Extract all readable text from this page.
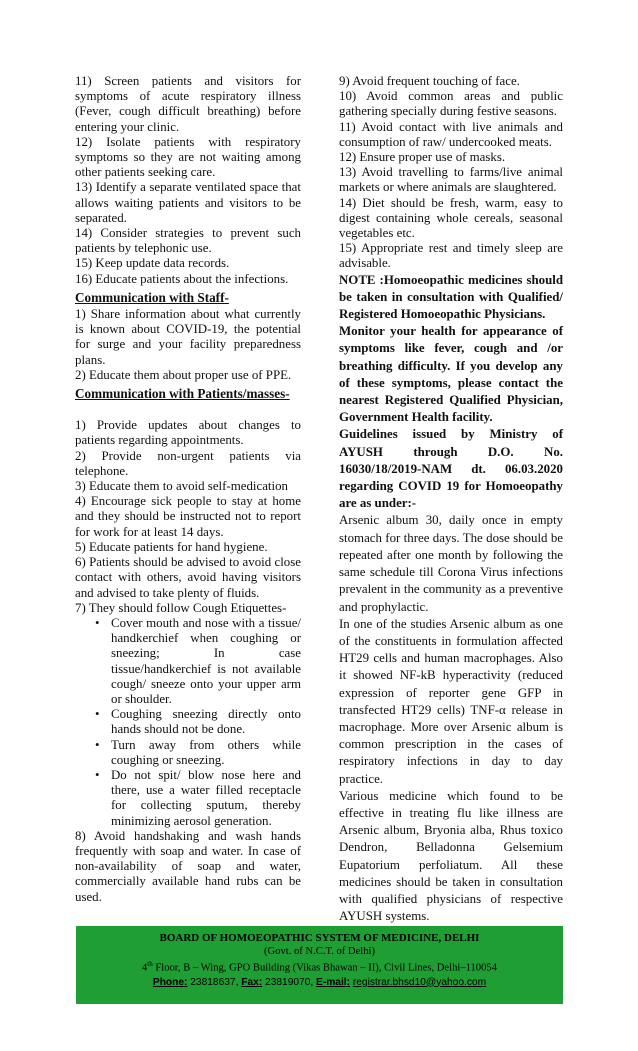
11) Screen patients and visitors for symptoms of acute respiratory illness (Fever, cough difficult breathing) before entering your clinic.

12) Isolate patients with respiratory symptoms so they are not waiting among other patients seeking care.

13) Identify a separate ventilated space that allows waiting patients and visitors to be separated.

14) Consider strategies to prevent such patients by telephonic use.

15) Keep update data records.

16) Educate patients about the infections.

Communication with Staff-

1) Share information about what currently is known about COVID-19, the potential for surge and your facility preparedness plans.

2) Educate them about proper use of PPE.

Communication with Patients/masses-

1) Provide updates about changes to patients regarding appointments.

2) Provide non-urgent patients via telephone.

3) Educate them to avoid self-medication

4) Encourage sick people to stay at home and they should be instructed not to report for work for at least 14 days.

5) Educate patients for hand hygiene.

6) Patients should be advised to avoid close contact with others, avoid having visitors and advised to take plenty of fluids.

7) They should follow Cough Etiquettes-

• Cover mouth and nose with a tissue/ handkerchief when coughing or sneezing; In case tissue/handkerchief is not available cough/ sneeze onto your upper arm or shoulder.
• Coughing sneezing directly onto hands should not be done.
• Turn away from others while coughing or sneezing.
• Do not spit/ blow nose here and there, use a water filled receptacle for collecting sputum, thereby minimizing aerosol generation.

8) Avoid handshaking and wash hands frequently with soap and water. In case of non-availability of soap and water, commercially available hand rubs can be used.

9) Avoid frequent touching of face.

10) Avoid common areas and public gathering specially during festive seasons.

11) Avoid contact with live animals and consumption of raw/ undercooked meats.

12) Ensure proper use of masks.

13) Avoid travelling to farms/live animal markets or where animals are slaughtered.

14) Diet should be fresh, warm, easy to digest containing whole cereals, seasonal vegetables etc.

15) Appropriate rest and timely sleep are advisable.

NOTE :Homoeopathic medicines should be taken in consultation with Qualified/ Registered Homoeopathic Physicians.

Monitor your health for appearance of symptoms like fever, cough and /or breathing difficulty. If you develop any of these symptoms, please contact the nearest Registered Qualified Physician, Government Health facility.

Guidelines issued by Ministry of AYUSH through D.O. No. 16030/18/2019-NAM dt. 06.03.2020 regarding COVID 19 for Homoeopathy are as under:-

Arsenic album 30, daily once in empty stomach for three days. The dose should be repeated after one month by following the same schedule till Corona Virus infections prevalent in the community as a preventive and prophylactic.

In one of the studies Arsenic album as one of the constituents in formulation affected HT29 cells and human macrophages. Also it showed NF-kB hyperactivity (reduced expression of reporter gene GFP in transfected HT29 cells) TNF-α release in macrophage. More over Arsenic album is common prescription in the cases of respiratory infections in day to day practice.

Various medicine which found to be effective in treating flu like illness are Arsenic album, Bryonia alba, Rhus toxico Dendron, Belladonna Gelsemium Eupatorium perfoliatum. All these medicines should be taken in consultation with qualified physicians of respective AYUSH systems.

BOARD OF HOMOEOPATHIC SYSTEM OF MEDICINE, DELHI
(Govt. of N.C.T. of Delhi)
4th Floor, B – Wing, GPO Building (Vikas Bhawan – II), Civil Lines, Delhi–110054
Phone: 23818637, Fax: 23819070, E-mail: registrar.bhsd10@yahoo.com
